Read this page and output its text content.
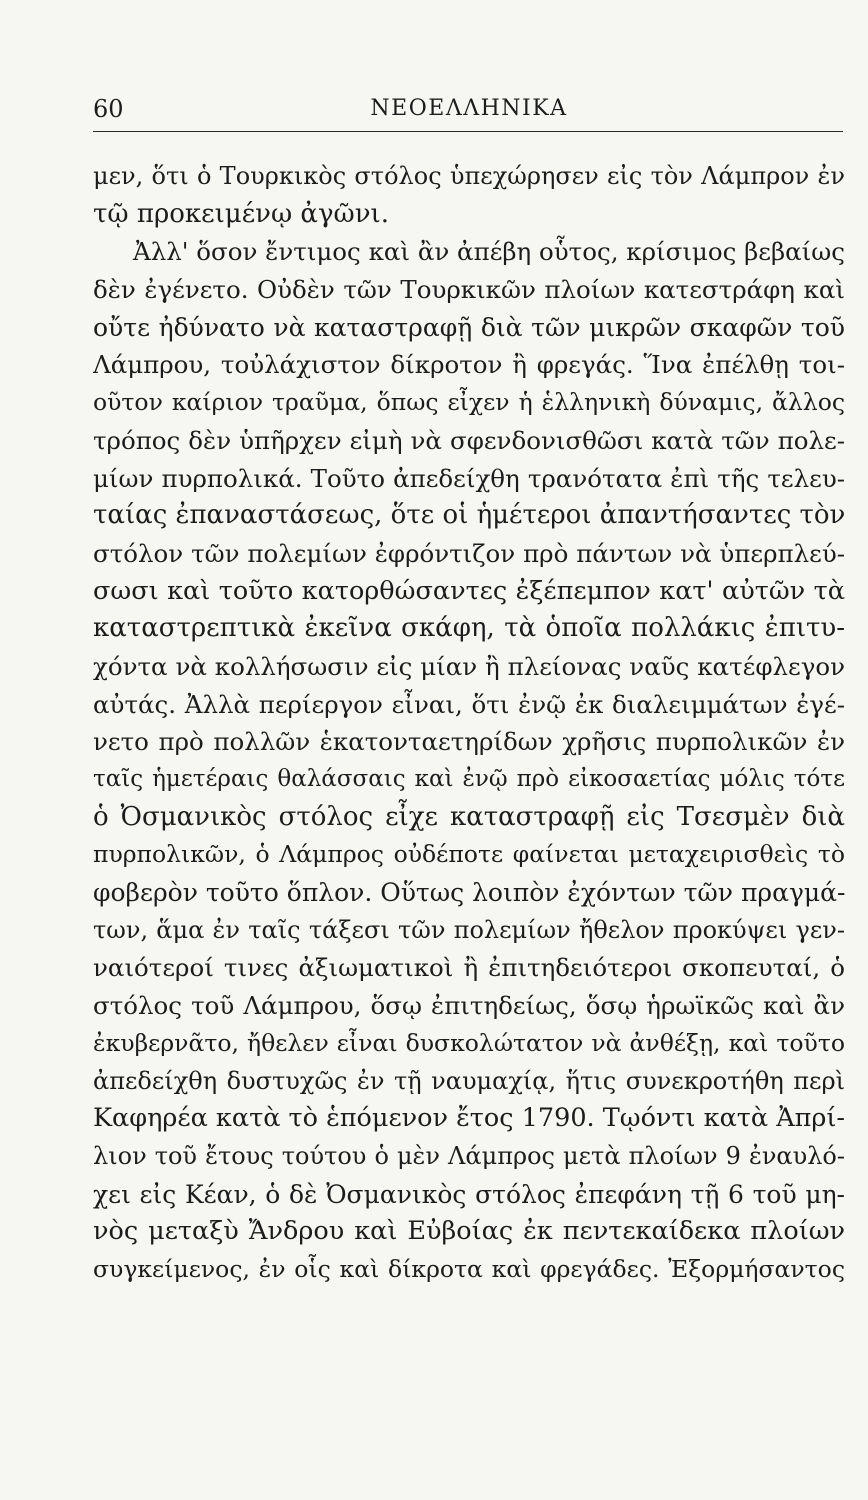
60	ΝΕΟΕΛΛΗΝΙΚΑ
μεν, ὅτι ὁ Τουρκικὸς στόλος ὑπεχώρησεν εἰς τὸν Λάμπρον ἐν
τῷ προκειμένῳ ἀγῶνι.
Ἀλλ' ὅσον ἔντιμος καὶ ἂν ἀπέβη οὗτος, κρίσιμος βεβαίως
δὲν ἐγένετο. Οὐδὲν τῶν Τουρκικῶν πλοίων κατεστράφη καὶ
οὔτε ἠδύνατο νὰ καταστραφῇ διὰ τῶν μικρῶν σκαφῶν τοῦ
Λάμπρου, τοὐλάχιστον δίκροτον ἢ φρεγάς. Ἵνα ἐπέλθῃ τοι-
οῦτον καίριον τραῦμα, ὅπως εἶχεν ἡ ἑλληνικὴ δύναμις, ἄλλος
τρόπος δὲν ὑπῆρχεν εἰμὴ νὰ σφενδονισθῶσι κατὰ τῶν πολε-
μίων πυρπολικά. Τοῦτο ἀπεδείχθη τρανότατα ἐπὶ τῆς τελευ-
ταίας ἐπαναστάσεως, ὅτε οἱ ἡμέτεροι ἀπαντήσαντες τὸν
στόλον τῶν πολεμίων ἐφρόντιζον πρὸ πάντων νὰ ὑπερπλεύ-
σωσι καὶ τοῦτο κατορθώσαντες ἐξέπεμπον κατ' αὐτῶν τὰ
καταστρεπτικὰ ἐκεῖνα σκάφη, τὰ ὁποῖα πολλάκις ἐπιτυ-
χόντα νὰ κολλήσωσιν εἰς μίαν ἢ πλείονας ναῦς κατέφλεγον
αὐτάς. Ἀλλὰ περίεργον εἶναι, ὅτι ἐνῷ ἐκ διαλειμμάτων ἐγέ-
νετο πρὸ πολλῶν ἑκατονταετηρίδων χρῆσις πυρπολικῶν ἐν
ταῖς ἡμετέραις θαλάσσαις καὶ ἐνῷ πρὸ εἰκοσαετίας μόλις τότε
ὁ Ὀσμανικὸς στόλος εἶχε καταστραφῇ εἰς Τσεσμὲν διὰ
πυρπολικῶν, ὁ Λάμπρος οὐδέποτε φαίνεται μεταχειρισθεὶς τὸ
φοβερὸν τοῦτο ὅπλον. Οὕτως λοιπὸν ἐχόντων τῶν πραγμά-
των, ἅμα ἐν ταῖς τάξεσι τῶν πολεμίων ἤθελον προκύψει γεν-
ναιότεροί τινες ἀξιωματικοὶ ἢ ἐπιτηδειότεροι σκοπευταί, ὁ
στόλος τοῦ Λάμπρου, ὅσῳ ἐπιτηδείως, ὅσῳ ἡρωϊκῶς καὶ ἂν
ἐκυβερνᾶτο, ἤθελεν εἶναι δυσκολώτατον νὰ ἀνθέξῃ, καὶ τοῦτο
ἀπεδείχθη δυστυχῶς ἐν τῇ ναυμαχίᾳ, ἥτις συνεκροτήθη περὶ
Καφηρέα κατὰ τὸ ἑπόμενον ἔτος 1790. Τῳόντι κατὰ Ἀπρί-
λιον τοῦ ἔτους τούτου ὁ μὲν Λάμπρος μετὰ πλοίων 9 ἐναυλό-
χει εἰς Κέαν, ὁ δὲ Ὀσμανικὸς στόλος ἐπεφάνη τῇ 6 τοῦ μη-
νὸς μεταξὺ Ἄνδρου καὶ Εὐβοίας ἐκ πεντεκαίδεκα πλοίων
συγκείμενος, ἐν οἷς καὶ δίκροτα καὶ φρεγάδες. Ἐξορμήσαντος
